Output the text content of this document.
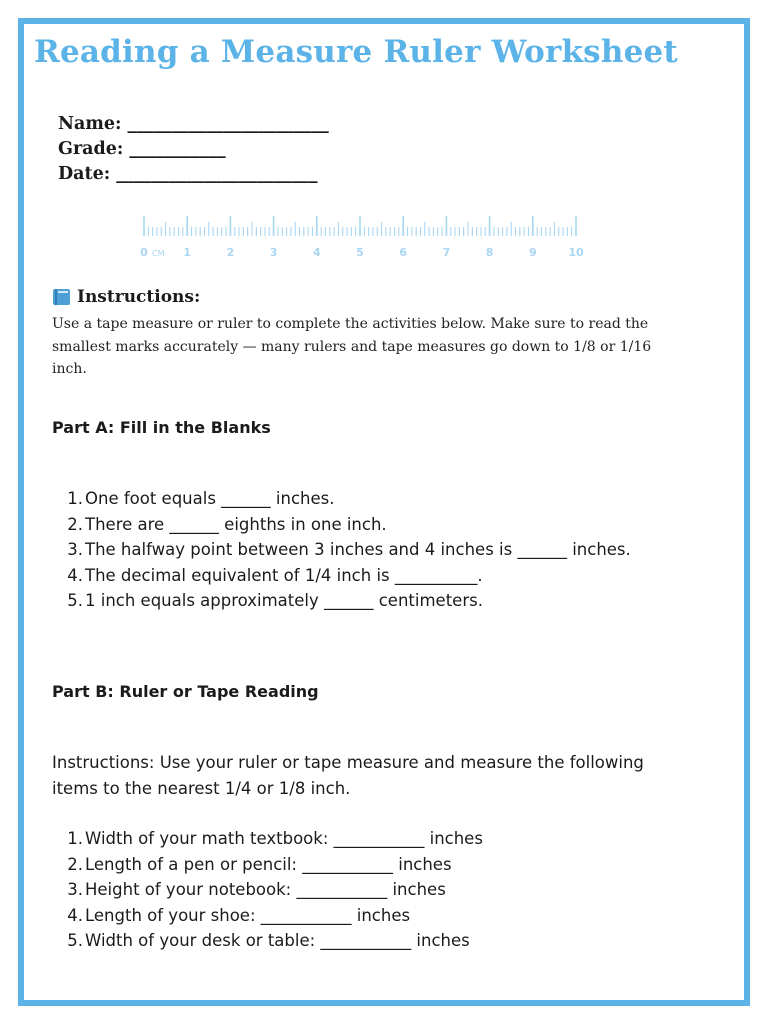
Reading a Measure Ruler Worksheet
Name: _______________________
Grade: ___________
Date: _______________________
0	1	2	3	4	5	6	7	8	9	10
CM
Instructions:

Use a tape measure or ruler to complete the activities below. Make sure to read the smallest marks accurately — many rulers and tape measures go down to 1/8 or 1/16 inch.

Part A: Fill in the Blanks
1. One foot equals ______ inches.
2. There are ______ eighths in one inch.
3. The halfway point between 3 inches and 4 inches is ______ inches.
4. The decimal equivalent of 1/4 inch is __________.
5. 1 inch equals approximately ______ centimeters.
Part B: Ruler or Tape Reading

Instructions: Use your ruler or tape measure and measure the following items to the nearest 1/4 or 1/8 inch.

1. Width of your math textbook: ___________ inches
2. Length of a pen or pencil: ___________ inches
3. Height of your notebook: ___________ inches
4. Length of your shoe: ___________ inches
5. Width of your desk or table: ___________ inches
